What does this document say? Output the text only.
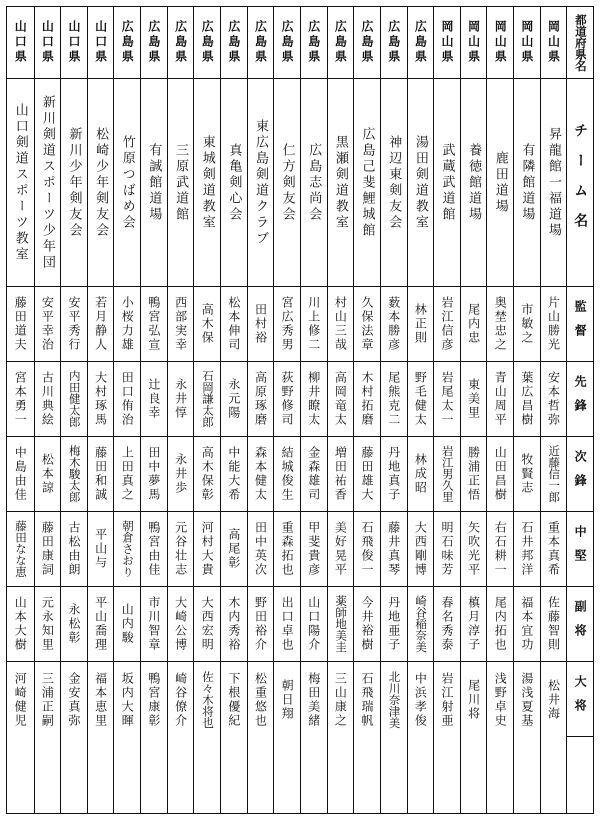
都道府県名
チーム名
監督
先鋒
次鋒
中堅
副将
大将
岡山県
昇龍館一福道場
片山勝光
安本哲弥
近藤信一郎
重本真希
佐藤智則
松井海
岡山県
有隣館道場
市敏之
葉広昌樹
牧賢志
石井邦洋
福本宜功
湯浅夏基
岡山県
鹿田道場
奥埜忠之
青山周平
山田昌樹
右石耕一
尾内拓也
浅野卓史
岡山県
養徳館道場
尾内忠
東美里
勝浦正悟
矢吹光平
槙月淳子
尾川将
岡山県
武蔵武道館
岩江信彦
岩尾太一
岩江男久里
明石味芳
春名秀泰
岩江射亜
広島県
湯田剣道教室
林正則
野毛健太
林成昭
大西剛博
崎谷稲奈美
中浜孝俊
広島県
神辺東剣友会
薮本勝彦
尾熊克二
丹地真子
藤井真琴
丹地亜子
北川奈津美
広島県
広島己斐鯉城館
久保法章
木村拓磨
藤田雄大
石飛俊一
今井裕樹
石飛瑞帆
広島県
黒瀬剣道教室
村山三哉
高岡竜太
増田祐香
美好晃平
薬師地美圭
三山康之
広島県
広島志尚会
川上修二
柳井瞭太
金森雄司
甲斐貴彦
山口陽介
梅田美緒
広島県
仁方剣友会
宮広秀男
荻野修司
結城俊生
重森拓也
出口卓也
朝日翔
広島県
東広島剣道クラブ
田村裕
高原琢磨
森本健太
田中英次
野田裕介
松重悠也
広島県
真亀剣心会
松本伸司
永元陽
中能大希
高尾彰
木内秀裕
下根優紀
広島県
東城剣道教室
高木保
石岡謙太郎
高木保彰
河村大貴
大西宏明
佐々木将也
広島県
三原武道館
西部実幸
永井惇
永井歩
元谷壮志
大崎公博
崎谷僚介
広島県
有誠館道場
鴨宮弘宣
辻良幸
田中夢馬
鴨宮由佳
市川智章
鴨宮康彰
広島県
竹原つばめ会
小桜力雄
田口侑治
上田真之
朝倉さおり
山内駿
坂内大暉
山口県
松崎少年剣友会
若月静人
大村琢馬
藤田和誠
平山与
平山喬理
福本恵里
山口県
新川少年剣友会
安平秀行
内田健太郎
梅木駿太郎
古松由朗
永松彰
金安真弥
山口県
新川剣道スポーツ少年団
安平幸治
古川典絵
松本諒
藤田康詞
元永知里
三浦正嗣
山口県
山口剣道スポーツ教室
藤田道夫
宮本勇一
中島由佳
藤田なな恵
山本大樹
河崎健児
